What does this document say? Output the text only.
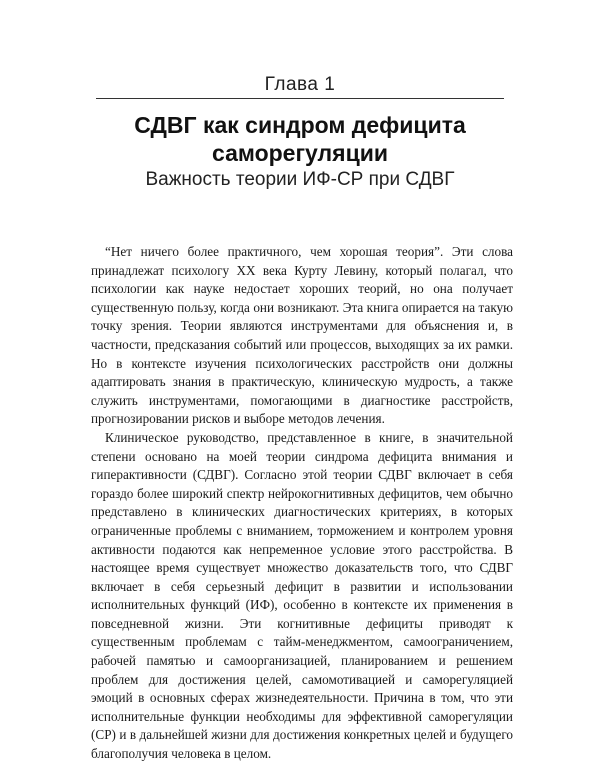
Глава 1
СДВГ как синдром дефицита
саморегуляции
Важность теории ИФ-СР при СДВГ

“Нет ничего более практичного, чем хорошая теория”. Эти слова принадлежат психологу XX века Курту Левину, который полагал, что психологии как науке недостает хороших теорий, но она получает существенную пользу, когда они возникают. Эта книга опирается на такую точку зрения. Теории являются инструментами для объяснения и, в частности, предсказания событий или процессов, выходящих за их рамки. Но в контексте изучения психологических расстройств они должны адаптировать знания в практическую, клиническую мудрость, а также служить инструментами, помогающими в диагностике расстройств, прогнозировании рисков и выборе методов лечения.

Клиническое руководство, представленное в книге, в значительной степени основано на моей теории синдрома дефицита внимания и гиперактивности (СДВГ). Согласно этой теории СДВГ включает в себя гораздо более широкий спектр нейрокогнитивных дефицитов, чем обычно представлено в клинических диагностических критериях, в которых ограниченные проблемы с вниманием, торможением и контролем уровня активности подаются как непременное условие этого расстройства. В настоящее время существует множество доказательств того, что СДВГ включает в себя серьезный дефицит в развитии и использовании исполнительных функций (ИФ), особенно в контексте их применения в повседневной жизни. Эти когнитивные дефициты приводят к существенным проблемам с тайм-менеджментом, самоограничением, рабочей памятью и самоорганизацией, планированием и решением проблем для достижения целей, самомотивацией и саморегуляцией эмоций в основных сферах жизнедеятельности. Причина в том, что эти исполнительные функции необходимы для эффективной саморегуляции (СР) и в дальнейшей жизни для достижения конкретных целей и будущего благополучия человека в целом.
